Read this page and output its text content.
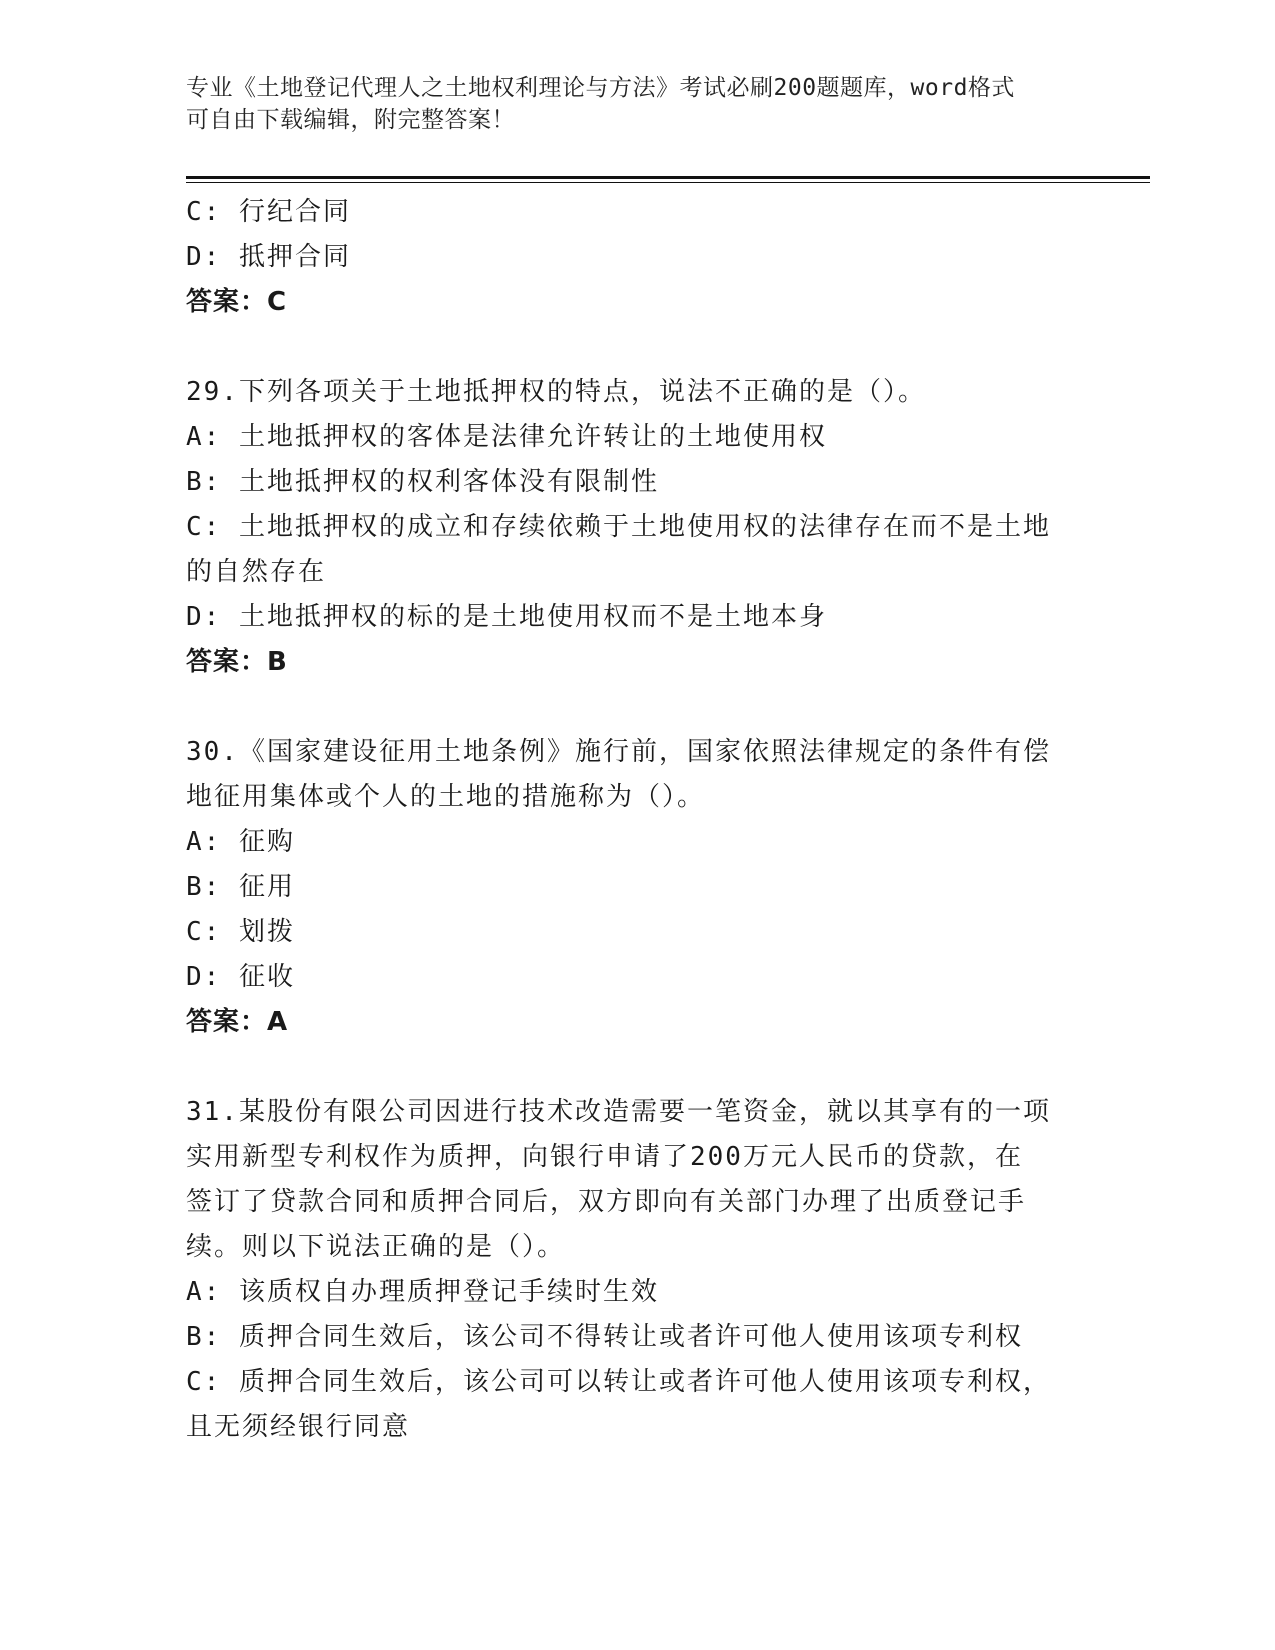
专业《土地登记代理人之土地权利理论与方法》考试必刷200题题库，word格式
可自由下载编辑，附完整答案！
C: 行纪合同
D: 抵押合同
答案：C
29.下列各项关于土地抵押权的特点，说法不正确的是（）。
A: 土地抵押权的客体是法律允许转让的土地使用权
B: 土地抵押权的权利客体没有限制性
C: 土地抵押权的成立和存续依赖于土地使用权的法律存在而不是土地
的自然存在
D: 土地抵押权的标的是土地使用权而不是土地本身
答案：B
30.《国家建设征用土地条例》施行前，国家依照法律规定的条件有偿
地征用集体或个人的土地的措施称为（）。
A: 征购
B: 征用
C: 划拨
D: 征收
答案：A
31.某股份有限公司因进行技术改造需要一笔资金，就以其享有的一项
实用新型专利权作为质押，向银行申请了200万元人民币的贷款，在
签订了贷款合同和质押合同后，双方即向有关部门办理了出质登记手
续。则以下说法正确的是（）。
A: 该质权自办理质押登记手续时生效
B: 质押合同生效后，该公司不得转让或者许可他人使用该项专利权
C: 质押合同生效后，该公司可以转让或者许可他人使用该项专利权，
且无须经银行同意
